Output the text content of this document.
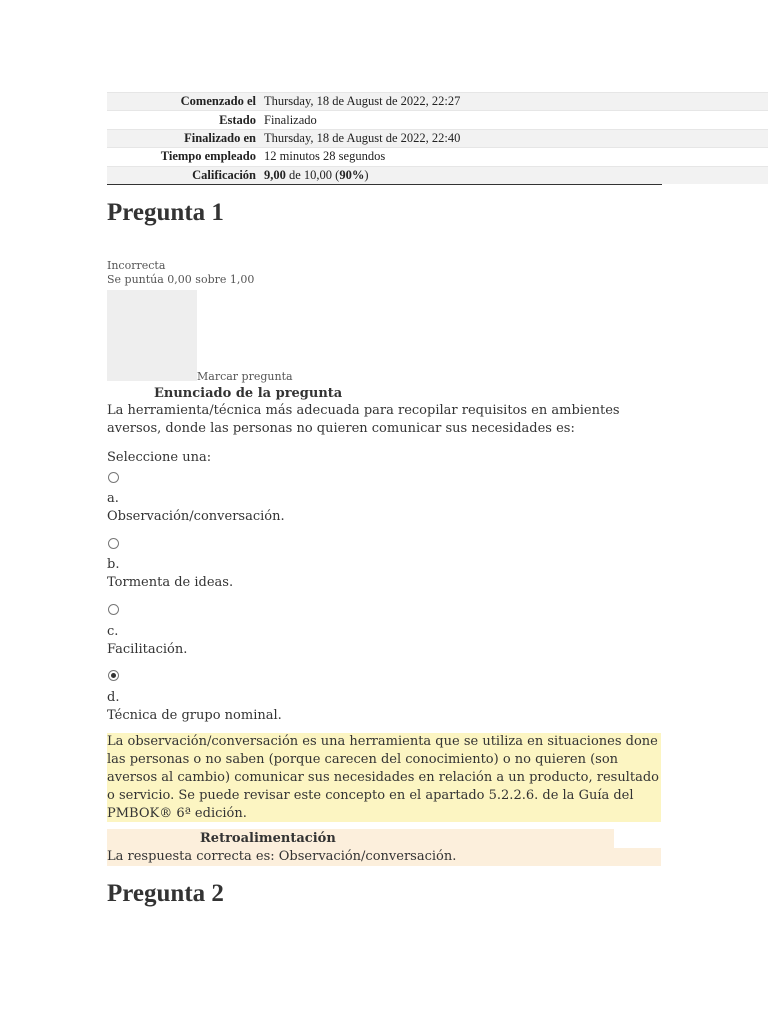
Comenzado el	Thursday, 18 de August de 2022, 22:27
Estado	Finalizado
Finalizado en	Thursday, 18 de August de 2022, 22:40
Tiempo empleado	12 minutos 28 segundos
Calificación	9,00 de 10,00 (90%)
Pregunta 1
Incorrecta
Se puntúa 0,00 sobre 1,00
Marcar pregunta
Enunciado de la pregunta
La herramienta/técnica más adecuada para recopilar requisitos en ambientes aversos, donde las personas no quieren comunicar sus necesidades es:
Seleccione una:
a.
Observación/conversación.
b.
Tormenta de ideas.
c.
Facilitación.
d.
Técnica de grupo nominal.
La observación/conversación es una herramienta que se utiliza en situaciones done las personas o no saben (porque carecen del conocimiento) o no quieren (son aversos al cambio) comunicar sus necesidades en relación a un producto, resultado o servicio. Se puede revisar este concepto en el apartado 5.2.2.6. de la Guía del PMBOK® 6ª edición.
Retroalimentación
La respuesta correcta es: Observación/conversación.
Pregunta 2
